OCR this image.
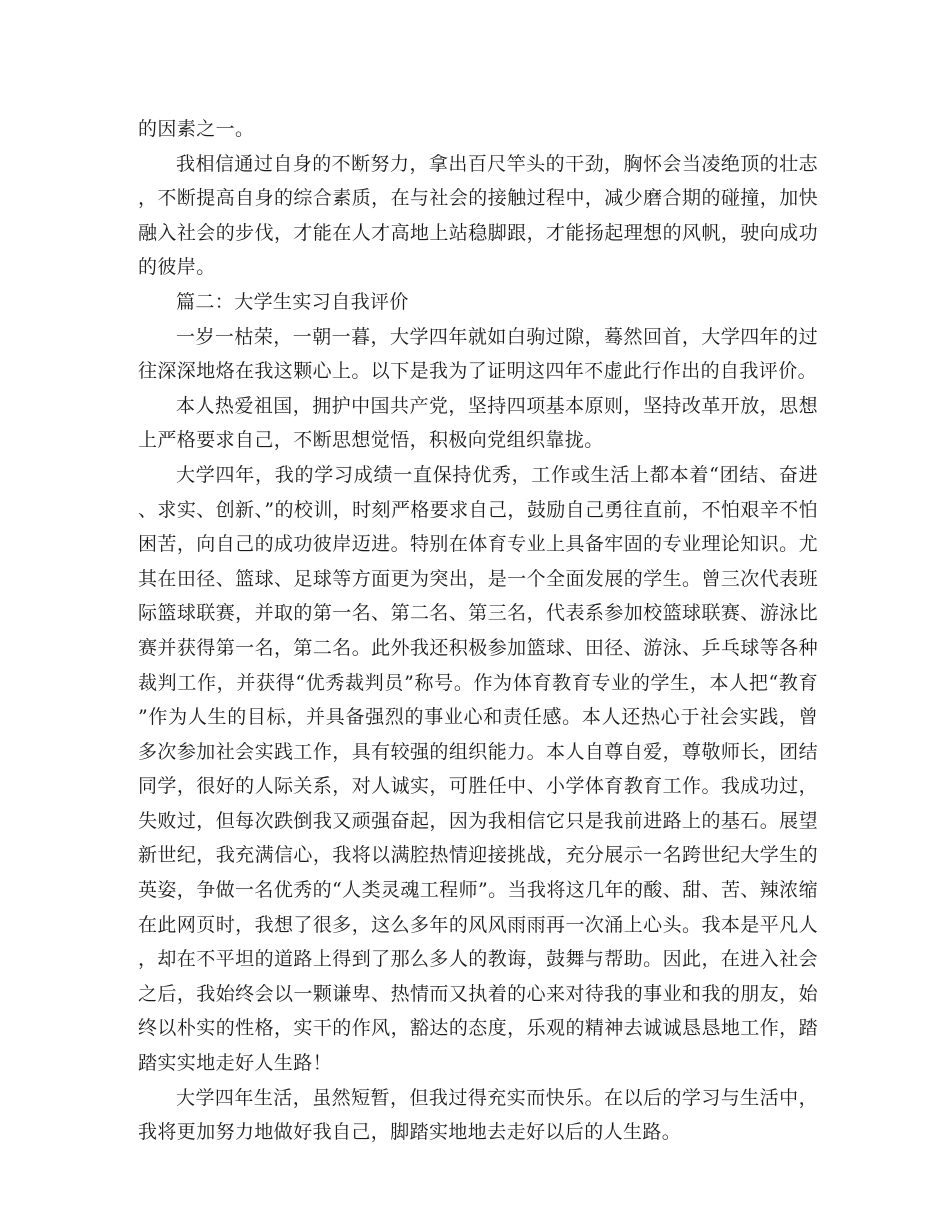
的因素之一。

我相信通过自身的不断努力，拿出百尺竿头的干劲，胸怀会当凌绝顶的壮志，不断提高自身的综合素质，在与社会的接触过程中，减少磨合期的碰撞，加快融入社会的步伐，才能在人才高地上站稳脚跟，才能扬起理想的风帆，驶向成功的彼岸。

篇二：大学生实习自我评价

一岁一枯荣，一朝一暮，大学四年就如白驹过隙，蓦然回首，大学四年的过往深深地烙在我这颗心上。以下是我为了证明这四年不虚此行作出的自我评价。

本人热爱祖国，拥护中国共产党，坚持四项基本原则，坚持改革开放，思想上严格要求自己，不断思想觉悟，积极向党组织靠拢。

大学四年，我的学习成绩一直保持优秀，工作或生活上都本着“团结、奋进、求实、创新、”的校训，时刻严格要求自己，鼓励自己勇往直前，不怕艰辛不怕困苦，向自己的成功彼岸迈进。特别在体育专业上具备牢固的专业理论知识。尤其在田径、篮球、足球等方面更为突出，是一个全面发展的学生。曾三次代表班际篮球联赛，并取的第一名、第二名、第三名，代表系参加校篮球联赛、游泳比赛并获得第一名，第二名。此外我还积极参加篮球、田径、游泳、乒乓球等各种裁判工作，并获得“优秀裁判员”称号。作为体育教育专业的学生，本人把“教育”作为人生的目标，并具备强烈的事业心和责任感。本人还热心于社会实践，曾多次参加社会实践工作，具有较强的组织能力。本人自尊自爱，尊敬师长，团结同学，很好的人际关系，对人诚实，可胜任中、小学体育教育工作。我成功过，失败过，但每次跌倒我又顽强奋起，因为我相信它只是我前进路上的基石。展望新世纪，我充满信心，我将以满腔热情迎接挑战，充分展示一名跨世纪大学生的英姿，争做一名优秀的“人类灵魂工程师”。当我将这几年的酸、甜、苦、辣浓缩在此网页时，我想了很多，这么多年的风风雨雨再一次涌上心头。我本是平凡人，却在不平坦的道路上得到了那么多人的教诲，鼓舞与帮助。因此，在进入社会之后，我始终会以一颗谦卑、热情而又执着的心来对待我的事业和我的朋友，始终以朴实的性格，实干的作风，豁达的态度，乐观的精神去诚诚恳恳地工作，踏踏实实地走好人生路！

大学四年生活，虽然短暂，但我过得充实而快乐。在以后的学习与生活中，我将更加努力地做好我自己，脚踏实地地去走好以后的人生路。
